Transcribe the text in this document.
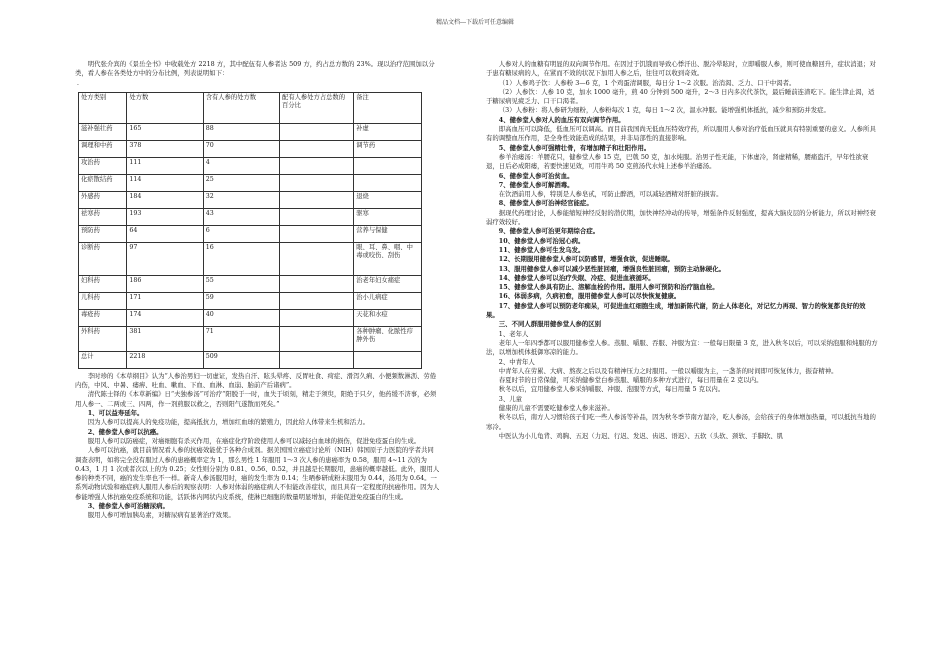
精品文档---下载后可任意编辑

明代张介宾的《景岳全书》中收载处方 2218 方，其中配伍有人参者达 509 方，约占总方数的 23%。现以治疗范围加以分类，看人参在各类处方中的分布比例，列表说明如下：

.
处方类别	处方数	含有人参的处方数	配有人参处方占总数的百分比	备注
滋补强壮药	165	88		补虚
调理和中药	378	70		调节药
攻治药	111	4		
化瘀散结药	114	25		
外感药	184	32		退烧
祛寒药	193	43		驱寒
预防药	64	6		营养与保健
诊断药	97	16		眼、耳、鼻、咽、中毒或咬伤、刮伤
妇科药	186	55		治老年妇女痛症
儿科药	171	59		治小儿病症
毒疮药	174	40		天花和水痘
外科药	381	71		各种肿瘤、化脓性疖肿外伤
总计	2218	509		

李时珍的《本草纲目》认为“人参治男妇一切虚证，发热自汗、眩头晕疼、反胃吐食、疴症、滑泻久痢、小便频数淋沥、劳倦内伤，中风、中暑、痿痹、吐血、嗽血、下血、血淋、血崩、胎前产后诸病”。

清代陈士铎的《本草新编》日“夫独参汤”可治疗“阳脱于一时，血失于顷刻，精走于须臾，阳绝于只夕，他药缓不济事，必须用人参一、二两或三、四两，作一剂煎服以救之，否则阳气遂散而死矣。”

1、可以益寿延年。

因为人参可以提高人的免疫功能，提高抵抗力，增加红血球的繁殖力，因此给人体带来生机和活力。

2、健参堂人参可以抗癌。

服用人参可以防癌症，对癌细胞有杀灭作用，在癌症化疗阶段使用人参可以减轻白血球的损伤，促进免疫蛋白的生成。

人参可以抗癌，就目前情况看人参的抗癌效能优于各种合成剂。据美国国立癌症讨论所（NIH）韩国原子力医院的学者共同调查表明，如将完全没有服过人参的患癌概率定为 1，那么男性 1 年服用 1～3 次人参的患癌率为 0.58，服用 4~11 次的为 0.43，1 月 1 次或者次以上的为 0.25；女性则分别为 0.81、0.56、0.52，并且越是长期服用，患癌的概率越低。此外，服用人参的种类不同，癌的发生率也不一样。新奇人参汤服用时，癌的发生率为 0.14；生晒参研成粉末服用为 0.44，汤用为 0.64。一系列动物试验和癌症病人服用人参后的观察表明：人参对体弱的癌症病人不但能改善症状，而且具有一定程度的抗癌作用。因为人参能增强人体抗癌免疫系统和功能，活跃体内网状内皮系统，使淋巴细胞的数量明显增加，并能促进免疫蛋白的生成。

3、健参堂人参可治糖尿病。

服用人参可增加胰岛素，对糖尿病有显著治疗效果。

人参对人的血糖有明显的双向调节作用。在因过于饥饿而导致心悸汗出、脱冷晕眩时，立即嚼服人参，则可使血糖回升，症状消退；对于患有糖尿病的人，在紧而不效的状况下加用人参之后，往往可以收到奇效。

（1）人参鸡子饮：人参粉 3—6 克，1 个鸡蛋清调服，每日分 1～2 次服。治消渴、乏力、口干中渴者。

（2）人参饮：人参 10 克，加水 1000 毫升，煎 40 分钟到 500 毫升，2～3 日内多次代茶饮，最后睡前连渣吃下。能生津止渴，适于糖尿病见疲乏力、口干口渴者。

（3）人参粉：将人参研为细粉，人参粉每次 1 克，每日 1～2 次，温水冲服。能增强机体抵抗，减少和预防并发症。

4、健参堂人参对人的血压有双向调节作用。

即高血压可以降低，低血压可以调高。而目前我国尚无低血压特效疗药，所以服用人参对治疗低血压就具有特别重要的意义。人参所具有的调整血压作用，是全身性效能造成的结果，并非局部性的直接影响。

5、健参堂人参可强精壮骨，有增加精子和壮阳作用。

参羊治痿汤：羊腰花只，健参堂人参 15 克，巴戟 50 克，加水炖服。治男子性无能，下体虚冷，肾虚精稀，腰痛盗汗，早年性欲衰退，日后必成阳痿，若要快速见效，可用牛鸡 50 克煎汤代水炖上述参羊治痿汤。

6、健参堂人参可治贫血。

7、健参堂人参可解酒毒。

在饮酒前用人参，特别是人参皂甙，可防止醉酒，可以减轻酒精对肝脏的损害。

8、健参堂人参可治神经官能症。

据现代药理讨论，人参能缩短神经反射的潜伏期，加快神经冲动的传导，增强条件反射强度，提高大脑皮层的分析能力，所以对神经衰弱疗效较好。

9、健参堂人参可治更年期综合症。

10、健参堂人参可治冠心病。

11、健参堂人参可生发乌发。

12、长期服用健参堂人参可以防感冒，增强食欲，促进睡眠。

13、服用健参堂人参可以减少恶性脏回瘤，增强良性脏回瘤，预防主动脉硬化。

14、健参堂人参可以治疗失眠、冷症、促进血液循环。

15、健参堂人参具有防止、溶解血栓的作用。服用人参可预防和治疗脑血栓。

16、体弱多病，久病初愈，服用健参堂人参可以尽快恢复健康。

17、健参堂人参可以预防老年痴呆，可促进血红细胞生成，增加新陈代谢，防止人体老化，对记忆力再现、智力的恢复都良好的效果。

三、不同人群服用健参堂人参的区别

1、老年人

老年人一年四季都可以服用健参堂人参。蒸服、嚼服、吞服、冲服为宜：一般每日限量 3 克，进入秋冬以后，可以采纳泡服和炖服的方法，以增加机体抵御寒凉的能力。

2、中青年人

中青年人在劳累、大病、熬夜之后以及有精神压力之时服用。一般以嚼服为主，一盏茶的时间即可恢复体力，振奋精神。

春夏时节的日常保健，可采纳健参堂白参蒸服、嚼服的多种方式进行，每日用量在 2 克以内。

秋冬以后，宜用健参堂人参采纳嚼服、冲服、泡服等方式，每日用量 5 克以内。

3、儿童

健康的儿童不需要吃健参堂人参来滋补。

秋冬以后，南方人习惯给孩子们吃一些人参汤等补品，因为秋冬季节南方湿冷，吃人参汤，会给孩子的身体增加热量，可以抵抗当地的寒冷。

中医认为小儿龟背、鸡胸、五迟（力迟、行迟、发迟、齿迟、语迟）、五软（头软、颈软、手脚软、肌
